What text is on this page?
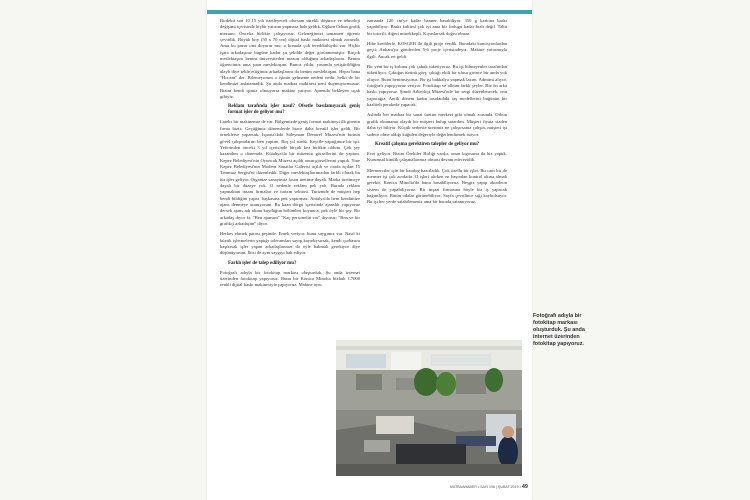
Birdekii son 10 15 yılı özetleyecek olursam sürekli döşünce ve teknoloji değişimi içerisinde hiçbir yatırım yapmasa hale geldik. Oğlum Orkun grafik mezunu. Önceliz birlikte çalışıyoruz. Geleneğimizi tamamen öğrenir çevirdik. Büyük boy (50 x 70 cm) dijital baskı makinesi olmak zorunda. Ama bu pazar ona doyurur mu; o konuda çok tereddütlüydü var. Hiçbir işara arkadaşınız bugüne kadar şu şekilde değer görünmemiştir. Birçok meslektaşım benim üniversiteden mezun olduğum arkadaşlarım. Benim öğrencimiz ama şuan meslektaşım. Bunca yıldır, yasamla yetiştirildiğim alayb diye tekle ettiğimiz arkadaşlarım da benim meslektaşım. Hepsi bana "Hocam" der. Bilemeyorum o işimin gelmeme nedeni nedir, belki de bir kendimizi anlatamadık. Şu anda matbaa makinesi neni duymuyormusuz. Bizim kendi işimiz olmuyorsa makine yatıyor. Aprenda bekleyen uçak gibiyiz.

Reklam tarafında işler nasıl? Ofsetle basılamıyacak geniş format işler de geliyor mu?

Lateks bir makinemiz de var. Bölgemizde geniş format makineyi ilk girenin firma biziz. Geçtiğimiz dönemlerde bizce daha kreatif işler geldi. Bir örneklerse yaparsak, Isparta'daki Süleyman Demirel Müzesi'nin birinin gövel çalışmalarını ben yaptım. Boş yıl sürdü. Keyifle yaptığımız bir işti. Yeferinden önceki 3 yıl içerisinde birçok kez birlikte oldum. Çok şey kazandım o dönemde. Kütahya'da bir müzenin görsellerini de yaptım. Kepez Belediyesi'nin Oyuncak Müzesi açıldı onun görsellerini yaptık. Yine Kepez Belediyesi'nin Modern Sanatlar Galerisi açıldı ve orada açılan 15 Temmuz Sergisi'ni düzenledik. Diğer meslektaşlarımızdan farklı olarak bu tür işler geliyor. Organize sanayimiz fason üretime dayalı. Marka üretimeye dayalı bir düzeye yok. O nedenle reklam pek yok. Burada reklam yapmaktan insanı firmaları ve turizm sektörü. Turizmde de müşteri hep kendi bildiğini yapar, başkasına pek yaptırmaz. Antalya'da hem kendimize ajans denmeye utanıyorum. Bu kaan dörgü içerisinde ajanslık yapıyoruz dersek ajans adı altına koyduğun bölümleri koyunca, pek öyle bir şey. Bir arkadaş diyor ki: "Ben ajansım" "Kaç personelin var" diyoruz; "Ben ve bir grafikçi arkadaşım" diyor.

Herkes ekmek parası peşinde. Emek veriyor, bunu saygımız var. Nasıl ki büyük işletmelerin yaptığı toleranslan sayıp kayadıysırsak, kendi çorbasını kaşıkrsak işler yapan arkadaşlarınızı da öyle bakmak gerekiyor diye düşünüyorum. İkisi de aynı saygıyı hak ediyor.

Farklı işler de talep ediliyor mu?

Fotoğrafı adıyla bir fotokitap markası oluşturduk. Şu anda internet üzerinden fotokitap yapıyoruz. Bunu bir Konica Minolta bizhub C7000 renkli dijital baskı makinesiyle yapıyoruz. Makine aynı

zamanda 120 cm'ye kadar banner basabiliyor. 350 g kartona baskı yapabiliyor. Baskı kalitesi çok iyi ama bir fırdugu kadar hızlı değil. Tabii bir totorili, diğeri mürekkepli. Kıyaslarsak doğru olmaz.

Hibe kredilerle, KOSGEB ile ilgili proje verdik. Buradaki komisyonlardan geçti; Ankara'ya gönderilen 5-6 proje içerisindeyiz. Makine yatırımıyla ilgili. Ancak ret geldi.

Bir yeni bir iş kolunu çok çabuk tüketiyoruz. Bu işi bilmeyenler tarafından tüketiliyor. Çıktığın türünü görş, çıktığı ekili bir ulusa girince bir anda yok oluyor. Bunu benimsiyoruz. Bu işi bakkalya yapmak lazım. Admimi alıyor, fotoğrafı yapışıyoruz veriyor. Fotokitap ve albüm farklı şeyler. Biz ön arka baskı yapıyoruz. Şimdi Arkeoloji Müzesi'nde bir sergi düzenlenecek, onu yapacağız. Antik dönem kadın tasıdaıdaki taş modellerini buğünün bir kaaliteli perakede yapacak.

Aslında her matbaa bir sanat üretim merkezi gibi olmak zorunda. Orkun grafik okumama olaydı bir müşteri bulup satardım. Müşteri fiyata sizden daha iyi biliyor. Küçük serbeste üretimiz ne çalışırsanız çalışın, müşteri işi sadece olme aldığı küğulen değeriyle değerlendirmek istiyor.

Kreatif çalışma gerektiren talepler de geliyor mu?

Evet geliyor. Bizim Örekiler Birliği vardır, onun logosunu da biz yaptık. Kurumsal kimlik çalışmalarımız olması devam edecezidik.

Mermerciler için bir katalog hazırladık. Çok özellu bir işler. Bu cam bir de mermer işi çok zordadır. O işleri alırken en başından kontrol altına almak gerekir. Konica Minolta'da bunu basabiliyoruz. Beşgiz yapıp akordeon sistem de yapabiliyoruz. Bir inşaat firmasına böyle bir iş yapacak bağımlıyor. Bütün odalar görünebiliyor. Sayfa çevrilince sığı kaybolsuyor. Bu işi her yerde satabilemeniz ama bir burada satamıyoruz.

Fotoğrafı adıyla bir fotokitap markası oluşturduk. Şu anda internet üzerinden fotokitap yapıyoruz.
MATBAAHABER • SAYI 196 | ŞUBAT 2019 • 49
